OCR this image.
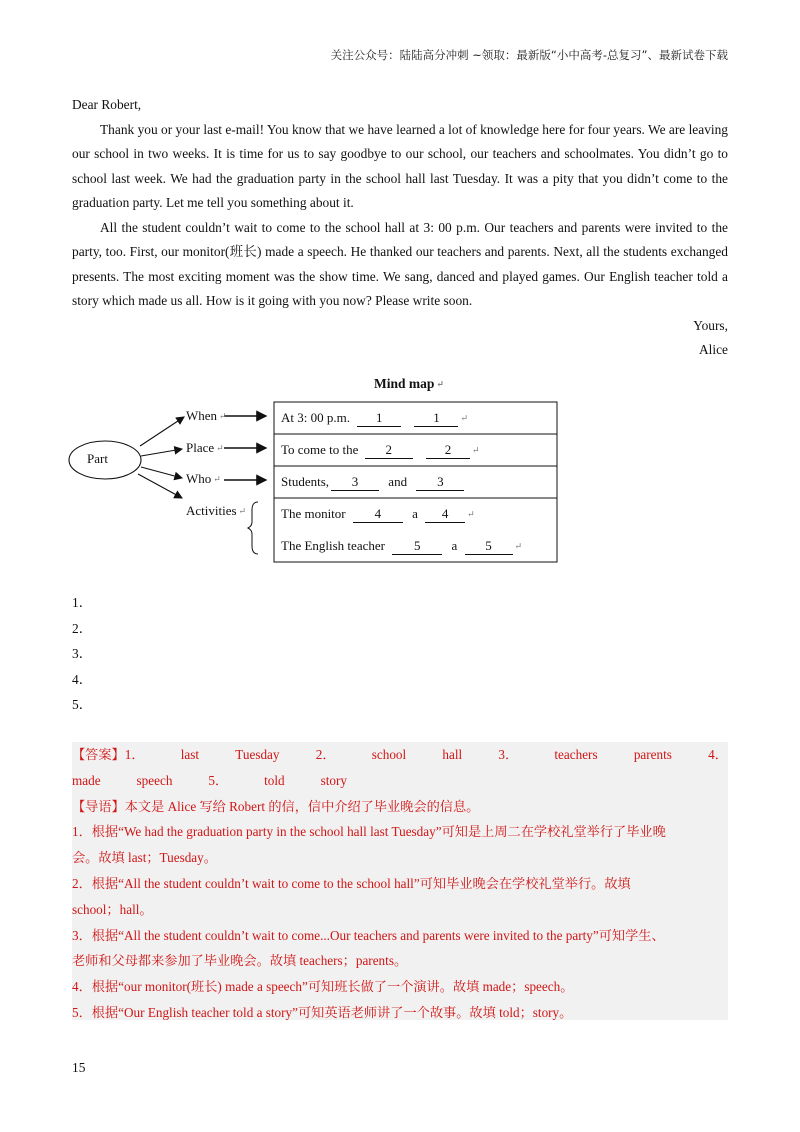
关注公众号：陆陆高分冲刺 ~领取：最新版“小中高考-总复习”、最新试卷下载

Dear Robert,

Thank you or your last e-mail! You know that we have learned a lot of knowledge here for four years. We are leaving our school in two weeks. It is time for us to say goodbye to our school, our teachers and schoolmates. You didn’t go to school last week. We had the graduation party in the school hall last Tuesday. It was a pity that you didn’t come to the graduation party. Let me tell you something about it.

All the student couldn’t wait to come to the school hall at 3: 00 p.m. Our teachers and parents were invited to the party, too. First, our monitor(班长) made a speech. He thanked our teachers and parents. Next, all the students exchanged presents. The most exciting moment was the show time. We sang, danced and played games. Our English teacher told a story which made us all. How is it going with you now? Please write soon.

Yours,

Alice

Mind map ↵
Part
When ↵
Place ↵
Who ↵
Activities ↵
At 3: 00 p.m. 1	1 ↵
To come to the 2	2 ↵
Students, 3 and 3
The monitor 4 a 4 ↵
The English teacher 5 a 5	↵
1．
2．
3．
4．
5．
【答案】1．	last	Tuesday	2．	school	hall	3．	teachers	parents	4．
made	speech	5．	told	story

【导语】本文是 Alice 写给 Robert 的信，信中介绍了毕业晚会的信息。

1．根据“We had the graduation party in the school hall last Tuesday”可知是上周二在学校礼堂举行了毕业晚

会。故填 last；Tuesday。

2．根据“All the student couldn’t wait to come to the school hall”可知毕业晚会在学校礼堂举行。故填

school；hall。

3．根据“All the student couldn’t wait to come...Our teachers and parents were invited to the party”可知学生、

老师和父母都来参加了毕业晚会。故填 teachers；parents。

4．根据“our monitor(班长) made a speech”可知班长做了一个演讲。故填 made；speech。

5．根据“Our English teacher told a story”可知英语老师讲了一个故事。故填 told；story。

15
